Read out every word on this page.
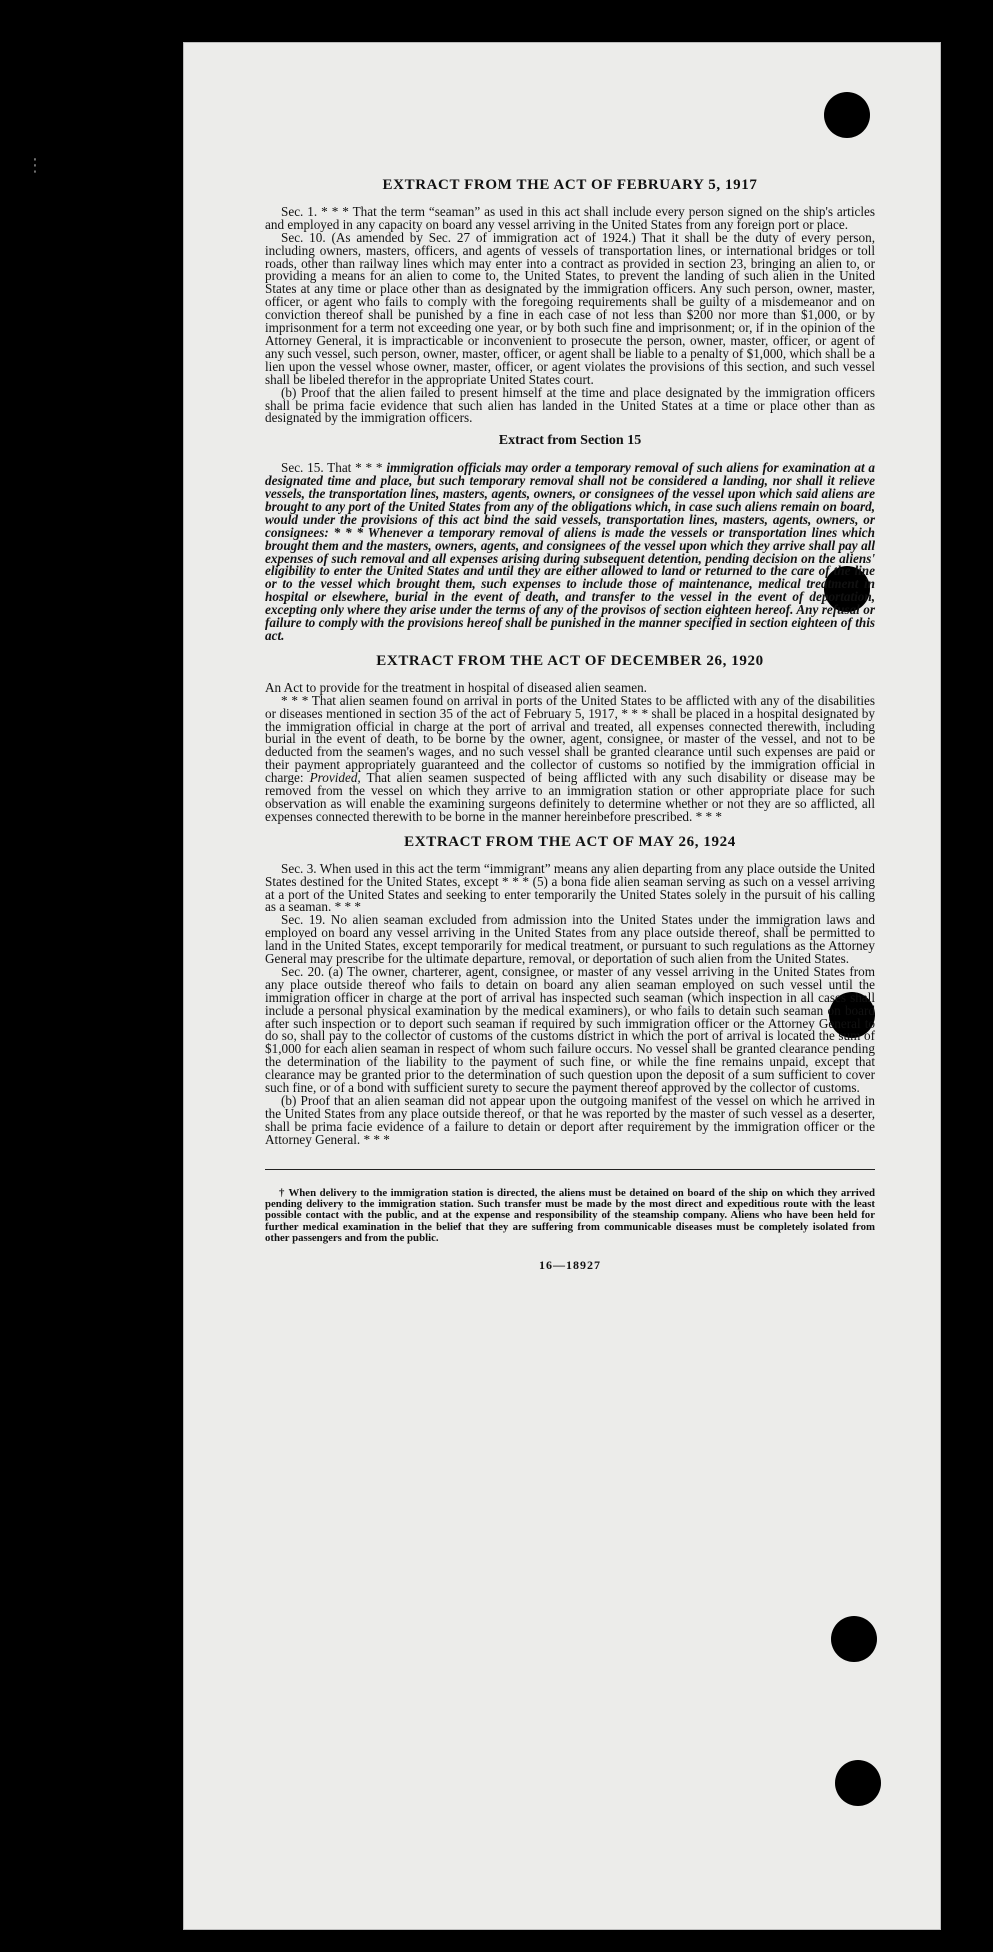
⋮
EXTRACT FROM THE ACT OF FEBRUARY 5, 1917

Sec. 1. * * * That the term “seaman” as used in this act shall include every person signed on the ship's articles and employed in any capacity on board any vessel arriving in the United States from any foreign port or place.

Sec. 10. (As amended by Sec. 27 of immigration act of 1924.) That it shall be the duty of every person, including owners, masters, officers, and agents of vessels of transportation lines, or international bridges or toll roads, other than railway lines which may enter into a contract as provided in section 23, bringing an alien to, or providing a means for an alien to come to, the United States, to prevent the landing of such alien in the United States at any time or place other than as designated by the immigration officers. Any such person, owner, master, officer, or agent who fails to comply with the foregoing requirements shall be guilty of a misdemeanor and on conviction thereof shall be punished by a fine in each case of not less than $200 nor more than $1,000, or by imprisonment for a term not exceeding one year, or by both such fine and imprisonment; or, if in the opinion of the Attorney General, it is impracticable or inconvenient to prosecute the person, owner, master, officer, or agent of any such vessel, such person, owner, master, officer, or agent shall be liable to a penalty of $1,000, which shall be a lien upon the vessel whose owner, master, officer, or agent violates the provisions of this section, and such vessel shall be libeled therefor in the appropriate United States court.

(b) Proof that the alien failed to present himself at the time and place designated by the immigration officers shall be prima facie evidence that such alien has landed in the United States at a time or place other than as designated by the immigration officers.

Extract from Section 15

Sec. 15. That * * * immigration officials may order a temporary removal of such aliens for examination at a designated time and place, but such temporary removal shall not be considered a landing, nor shall it relieve vessels, the transportation lines, masters, agents, owners, or consignees of the vessel upon which said aliens are brought to any port of the United States from any of the obligations which, in case such aliens remain on board, would under the provisions of this act bind the said vessels, transportation lines, masters, agents, owners, or consignees: * * * Whenever a temporary removal of aliens is made the vessels or transportation lines which brought them and the masters, owners, agents, and consignees of the vessel upon which they arrive shall pay all expenses of such removal and all expenses arising during subsequent detention, pending decision on the aliens' eligibility to enter the United States and until they are either allowed to land or returned to the care of the line or to the vessel which brought them, such expenses to include those of maintenance, medical treatment in hospital or elsewhere, burial in the event of death, and transfer to the vessel in the event of deportation, excepting only where they arise under the terms of any of the provisos of section eighteen hereof. Any refusal or failure to comply with the provisions hereof shall be punished in the manner specified in section eighteen of this act.

EXTRACT FROM THE ACT OF DECEMBER 26, 1920

An Act to provide for the treatment in hospital of diseased alien seamen.

* * * That alien seamen found on arrival in ports of the United States to be afflicted with any of the disabilities or diseases mentioned in section 35 of the act of February 5, 1917, * * * shall be placed in a hospital designated by the immigration official in charge at the port of arrival and treated, all expenses connected therewith, including burial in the event of death, to be borne by the owner, agent, consignee, or master of the vessel, and not to be deducted from the seamen's wages, and no such vessel shall be granted clearance until such expenses are paid or their payment appropriately guaranteed and the collector of customs so notified by the immigration official in charge: Provided, That alien seamen suspected of being afflicted with any such disability or disease may be removed from the vessel on which they arrive to an immigration station or other appropriate place for such observation as will enable the examining surgeons definitely to determine whether or not they are so afflicted, all expenses connected therewith to be borne in the manner hereinbefore prescribed. * * *

EXTRACT FROM THE ACT OF MAY 26, 1924

Sec. 3. When used in this act the term “immigrant” means any alien departing from any place outside the United States destined for the United States, except * * * (5) a bona fide alien seaman serving as such on a vessel arriving at a port of the United States and seeking to enter temporarily the United States solely in the pursuit of his calling as a seaman. * * *

Sec. 19. No alien seaman excluded from admission into the United States under the immigration laws and employed on board any vessel arriving in the United States from any place outside thereof, shall be permitted to land in the United States, except temporarily for medical treatment, or pursuant to such regulations as the Attorney General may prescribe for the ultimate departure, removal, or deportation of such alien from the United States.

Sec. 20. (a) The owner, charterer, agent, consignee, or master of any vessel arriving in the United States from any place outside thereof who fails to detain on board any alien seaman employed on such vessel until the immigration officer in charge at the port of arrival has inspected such seaman (which inspection in all cases shall include a personal physical examination by the medical examiners), or who fails to detain such seaman on board after such inspection or to deport such seaman if required by such immigration officer or the Attorney General to do so, shall pay to the collector of customs of the customs district in which the port of arrival is located the sum of $1,000 for each alien seaman in respect of whom such failure occurs. No vessel shall be granted clearance pending the determination of the liability to the payment of such fine, or while the fine remains unpaid, except that clearance may be granted prior to the determination of such question upon the deposit of a sum sufficient to cover such fine, or of a bond with sufficient surety to secure the payment thereof approved by the collector of customs.

(b) Proof that an alien seaman did not appear upon the outgoing manifest of the vessel on which he arrived in the United States from any place outside thereof, or that he was reported by the master of such vessel as a deserter, shall be prima facie evidence of a failure to detain or deport after requirement by the immigration officer or the Attorney General. * * *

† When delivery to the immigration station is directed, the aliens must be detained on board of the ship on which they arrived pending delivery to the immigration station. Such transfer must be made by the most direct and expeditious route with the least possible contact with the public, and at the expense and responsibility of the steamship company. Aliens who have been held for further medical examination in the belief that they are suffering from communicable diseases must be completely isolated from other passengers and from the public.

16—18927
